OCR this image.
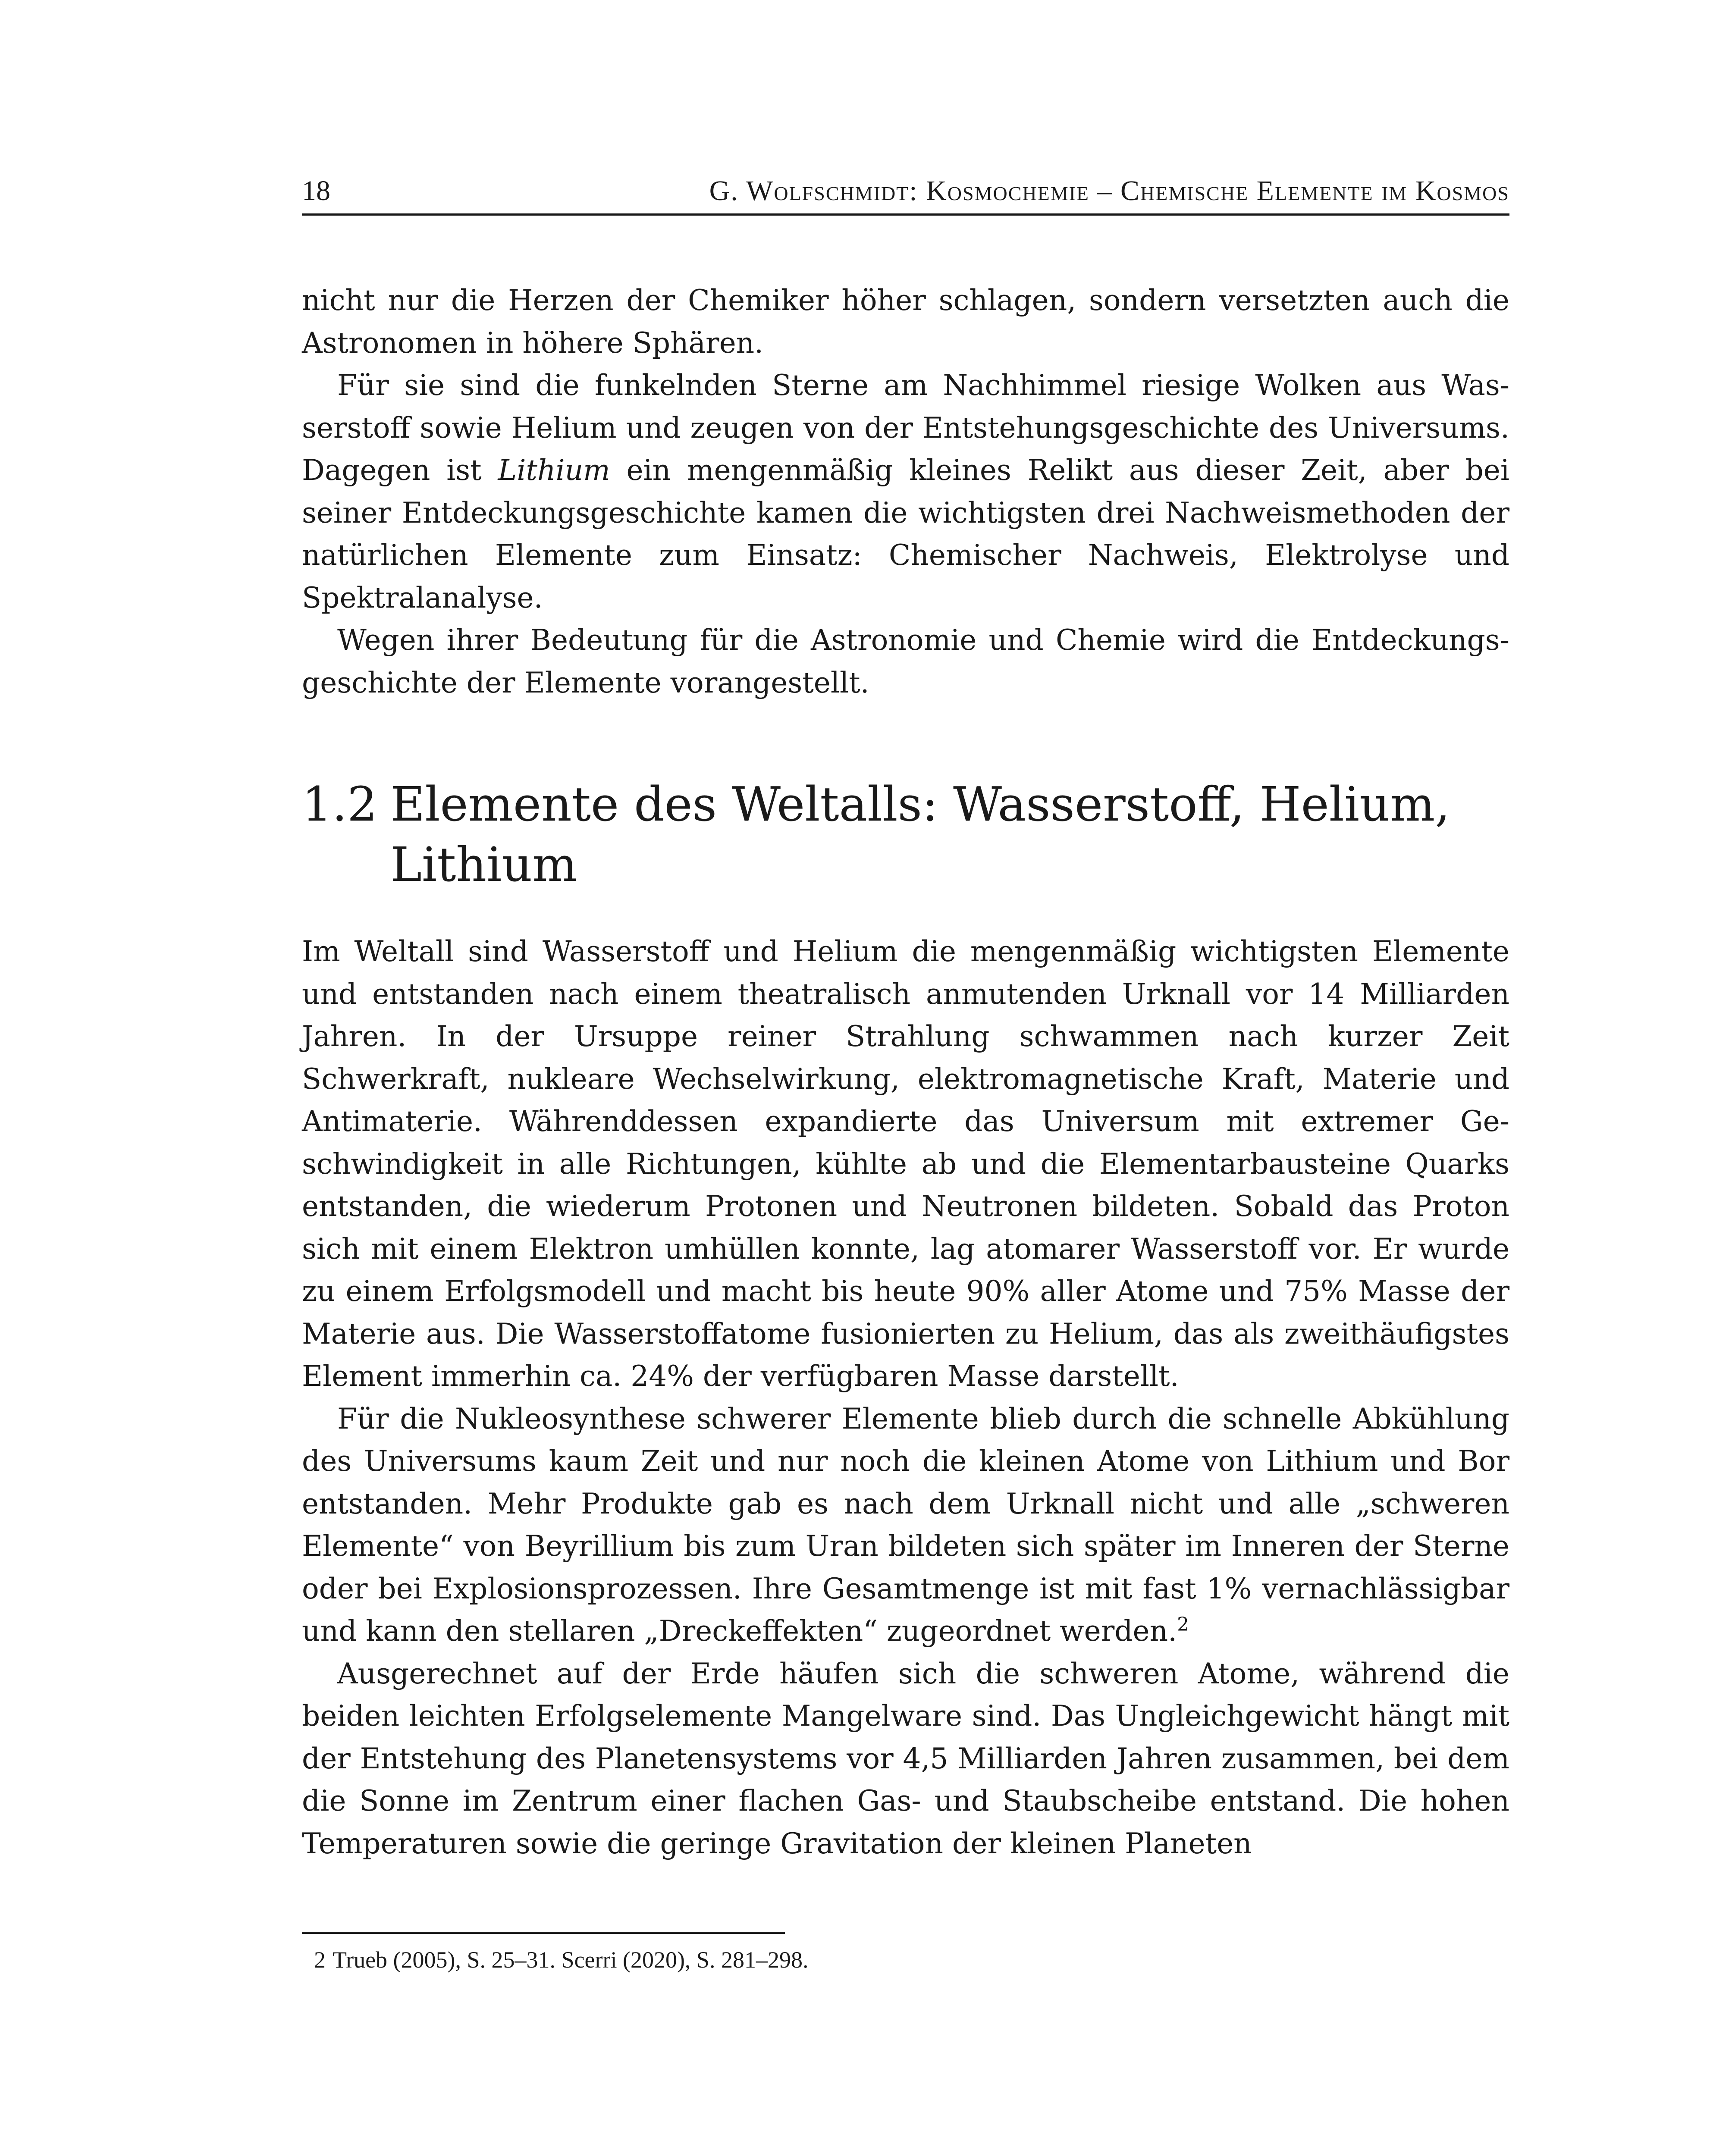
18	G. Wolfschmidt: Kosmochemie – Chemische Elemente im Kosmos

nicht nur die Herzen der Chemiker höher schlagen, sondern versetzten auch die Astronomen in höhere Sphären.

Für sie sind die funkelnden Sterne am Nachhimmel riesige Wolken aus Wasserstoff sowie Helium und zeugen von der Entstehungsgeschichte des Universums. Dagegen ist Lithium ein mengenmäßig kleines Relikt aus dieser Zeit, aber bei seiner Entdeckungsgeschichte kamen die wichtigsten drei Nachweismethoden der natürlichen Elemente zum Einsatz: Chemischer Nachweis, Elektrolyse und Spektralanalyse.

Wegen ihrer Bedeutung für die Astronomie und Chemie wird die Entdeckungsgeschichte der Elemente vorangestellt.

1.2 Elemente des Weltalls: Wasserstoff, Helium, Lithium

Im Weltall sind Wasserstoff und Helium die mengenmäßig wichtigsten Elemente und entstanden nach einem theatralisch anmutenden Urknall vor 14 Milliarden Jahren. In der Ursuppe reiner Strahlung schwammen nach kurzer Zeit Schwerkraft, nukleare Wechselwirkung, elektromagnetische Kraft, Materie und Antimaterie. Währenddessen expandierte das Universum mit extremer Geschwindigkeit in alle Richtungen, kühlte ab und die Elementarbausteine Quarks entstanden, die wiederum Protonen und Neutronen bildeten. Sobald das Proton sich mit einem Elektron umhüllen konnte, lag atomarer Wasserstoff vor. Er wurde zu einem Erfolgsmodell und macht bis heute 90% aller Atome und 75% Masse der Materie aus. Die Wasserstoffatome fusionierten zu Helium, das als zweithäufigstes Element immerhin ca. 24% der verfügbaren Masse darstellt.

Für die Nukleosynthese schwerer Elemente blieb durch die schnelle Abkühlung des Universums kaum Zeit und nur noch die kleinen Atome von Lithium und Bor entstanden. Mehr Produkte gab es nach dem Urknall nicht und alle „schweren Elemente“ von Beyrillium bis zum Uran bildeten sich später im Inneren der Sterne oder bei Explosionsprozessen. Ihre Gesamtmenge ist mit fast 1% vernachlässigbar und kann den stellaren „Dreckeffekten“ zugeordnet werden.$^2$

Ausgerechnet auf der Erde häufen sich die schweren Atome, während die beiden leichten Erfolgselemente Mangelware sind. Das Ungleichgewicht hängt mit der Entstehung des Planetensystems vor 4,5 Milliarden Jahren zusammen, bei dem die Sonne im Zentrum einer flachen Gas- und Staubscheibe entstand. Die hohen Temperaturen sowie die geringe Gravitation der kleinen Planeten

2 Trueb (2005), S. 25–31. Scerri (2020), S. 281–298.
